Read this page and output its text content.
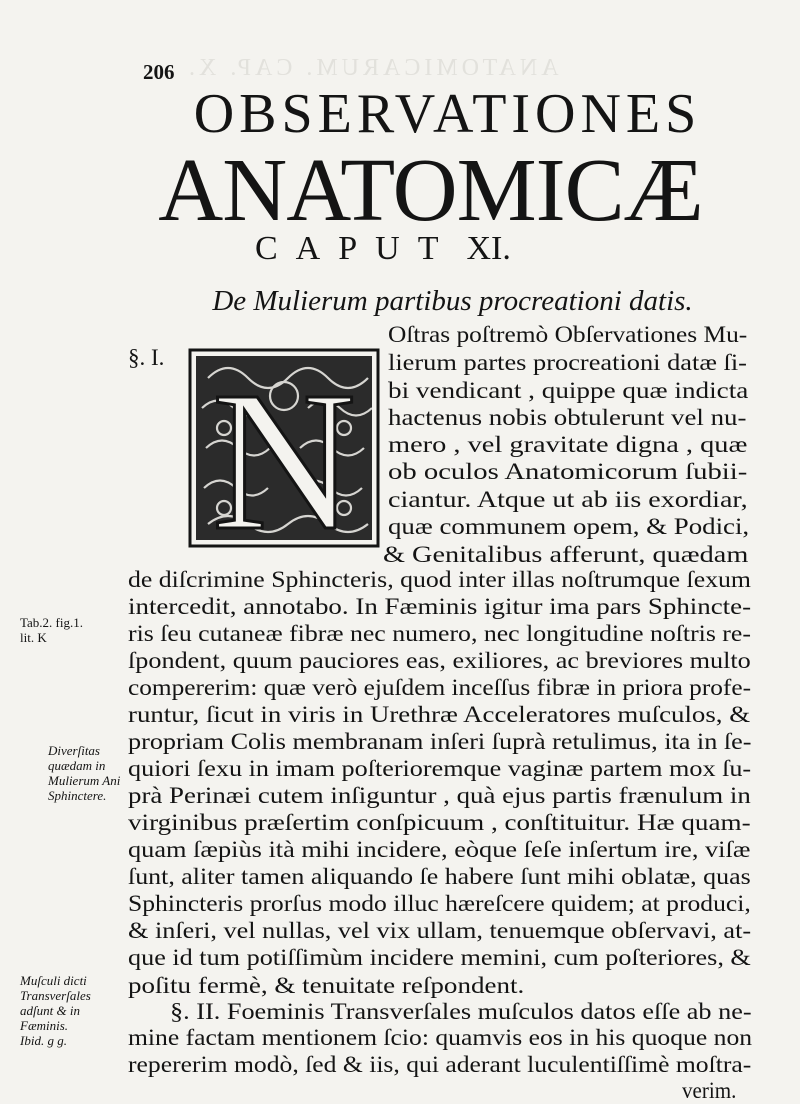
ANATOMICARUM. CAP. X.
206
OBSERVATIONES
ANATOMICÆ
CAPUT XI.
De Mulierum partibus procreationi datis.
§. I. N
Oſtras poſtremò Obſervationes Mu-
lierum partes procreationi datæ ſi-
bi vendicant , quippe quæ indicta
hactenus nobis obtulerunt vel nu-
mero , vel gravitate digna , quæ
ob oculos Anatomicorum ſubii-
ciantur. Atque ut ab iis exordiar,
quæ communem opem, & Podici,
& Genitalibus afferunt, quædam
de diſcrimine Sphincteris, quod inter illas noſtrumque ſexum
intercedit, annotabo. In Fæminis igitur ima pars Sphincte-
ris ſeu cutaneæ fibræ nec numero, nec longitudine noſtris re-
ſpondent, quum pauciores eas, exiliores, ac breviores multo
compererim: quæ verò ejuſdem inceſſus fibræ in priora profe-
runtur, ſicut in viris in Urethræ Acceleratores muſculos, &
propriam Colis membranam inſeri ſuprà retulimus, ita in ſe-
quiori ſexu in imam poſterioremque vaginæ partem mox ſu-
prà Perinæi cutem inſiguntur , quà ejus partis frænulum in
virginibus præſertim conſpicuum , conſtituitur. Hæ quam-
quam ſæpiùs ità mihi incidere, eòque ſeſe inſertum ire, viſæ
ſunt, aliter tamen aliquando ſe habere ſunt mihi oblatæ, quas
Sphincteris prorſus modo illuc hæreſcere quidem; at produci,
& inſeri, vel nullas, vel vix ullam, tenuemque obſervavi, at-
que id tum potiſſimùm incidere memini, cum poſteriores, &
poſitu fermè, & tenuitate reſpondent.
§. II. Foeminis Transverſales muſculos datos eſſe ab ne-
mine factam mentionem ſcio: quamvis eos in his quoque non
repererim modò, ſed & iis, qui aderant luculentiſſimè moſtra-
verim.
Tab.2. fig.1.
lit. K
Diverſitas
quædam in
Mulierum Ani
Sphinctere.
Muſculi dicti
Transverſales
adſunt & in
Fæminis.
Ibid. g g.
